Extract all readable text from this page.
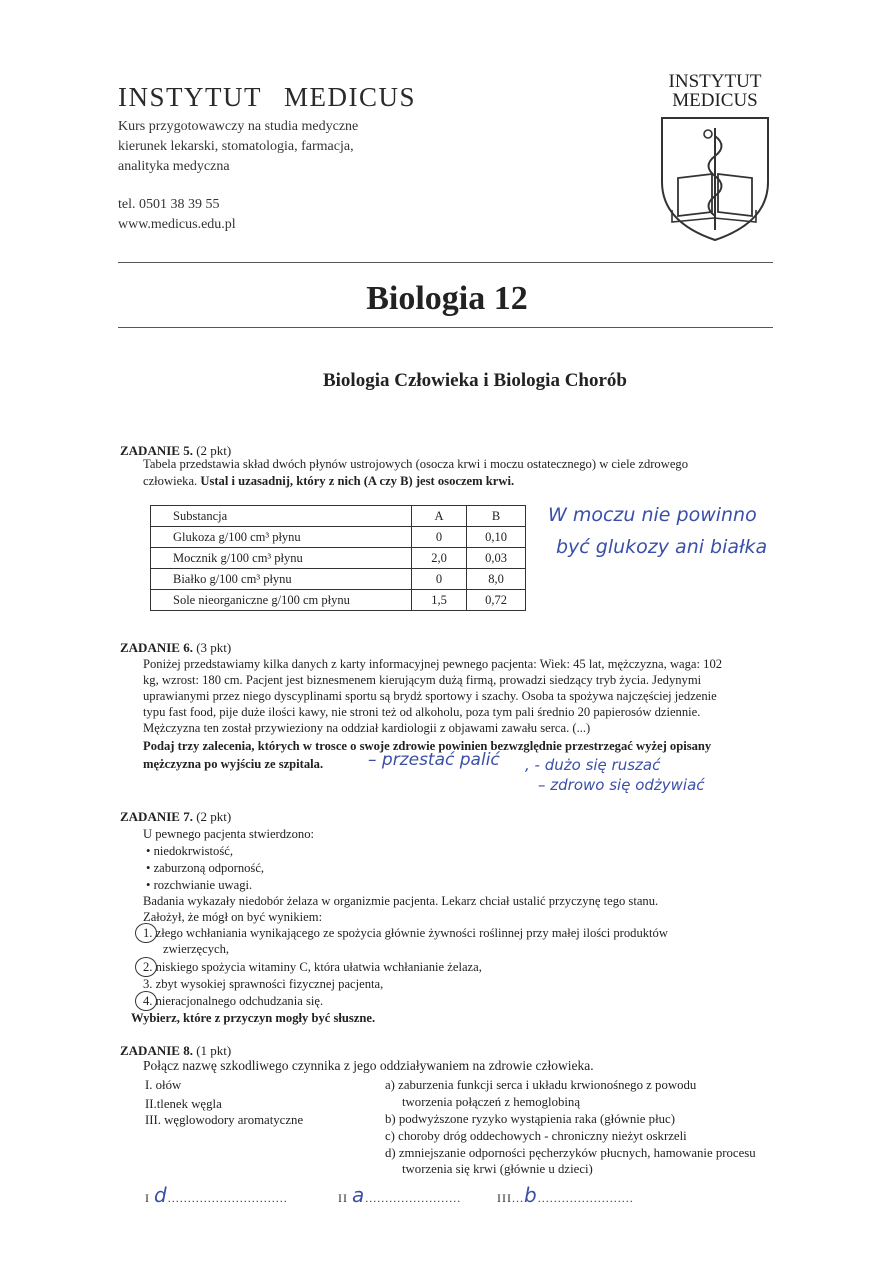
INSTYTUT MEDICUS
Kurs przygotowawczy na studia medyczne
kierunek lekarski, stomatologia, farmacja,
analityka medyczna
tel. 0501 38 39 55
www.medicus.edu.pl
INSTYTUT
MEDICUS
Biologia 12
Biologia Człowieka i Biologia Chorób
ZADANIE 5. (2 pkt)
Tabela przedstawia skład dwóch płynów ustrojowych (osocza krwi i moczu ostatecznego) w ciele zdrowego
człowieka. Ustal i uzasadnij, który z nich (A czy B) jest osoczem krwi.
Substancja	A	B
Glukoza g/100 cm³ płynu	0	0,10
Mocznik g/100 cm³ płynu	2,0	0,03
Białko g/100 cm³ płynu	0	8,0
Sole nieorganiczne g/100 cm płynu	1,5	0,72
W moczu nie powinno
być glukozy ani białka
ZADANIE 6. (3 pkt)
Poniżej przedstawiamy kilka danych z karty informacyjnej pewnego pacjenta: Wiek: 45 lat, mężczyzna, waga: 102
kg, wzrost: 180 cm. Pacjent jest biznesmenem kierującym dużą firmą, prowadzi siedzący tryb życia. Jedynymi
uprawianymi przez niego dyscyplinami sportu są brydż sportowy i szachy. Osoba ta spożywa najczęściej jedzenie
typu fast food, pije duże ilości kawy, nie stroni też od alkoholu, poza tym pali średnio 20 papierosów dziennie.
Mężczyzna ten został przywieziony na oddział kardiologii z objawami zawału serca. (...)
Podaj trzy zalecenia, których w trosce o swoje zdrowie powinien bezwzględnie przestrzegać wyżej opisany
mężczyzna po wyjściu ze szpitala.	– przestać palić , - dużo się ruszać
– zdrowo się odżywiać
ZADANIE 7. (2 pkt)
U pewnego pacjenta stwierdzono:
• niedokrwistość,
• zaburzoną odporność,
• rozchwianie uwagi.
Badania wykazały niedobór żelaza w organizmie pacjenta. Lekarz chciał ustalić przyczynę tego stanu.
Założył, że mógł on być wynikiem:
1. złego wchłaniania wynikającego ze spożycia głównie żywności roślinnej przy małej ilości produktów
zwierzęcych,
2. niskiego spożycia witaminy C, która ułatwia wchłanianie żelaza,
3. zbyt wysokiej sprawności fizycznej pacjenta,
4. nieracjonalnego odchudzania się.
Wybierz, które z przyczyn mogły być słuszne.
ZADANIE 8. (1 pkt)
Połącz nazwę szkodliwego czynnika z jego oddziaływaniem na zdrowie człowieka.
I. ołów
II.tlenek węgla
III. węglowodory aromatyczne
a) zaburzenia funkcji serca i układu krwionośnego z powodu
tworzenia połączeń z hemoglobiną
b) podwyższone ryzyko wystąpienia raka (głównie płuc)
c) choroby dróg oddechowych - chroniczny nieżyt oskrzeli
d) zmniejszanie odporności pęcherzyków płucnych, hamowanie procesu
tworzenia się krwi (głównie u dzieci)
I d..............................	II a........................	III...b........................
